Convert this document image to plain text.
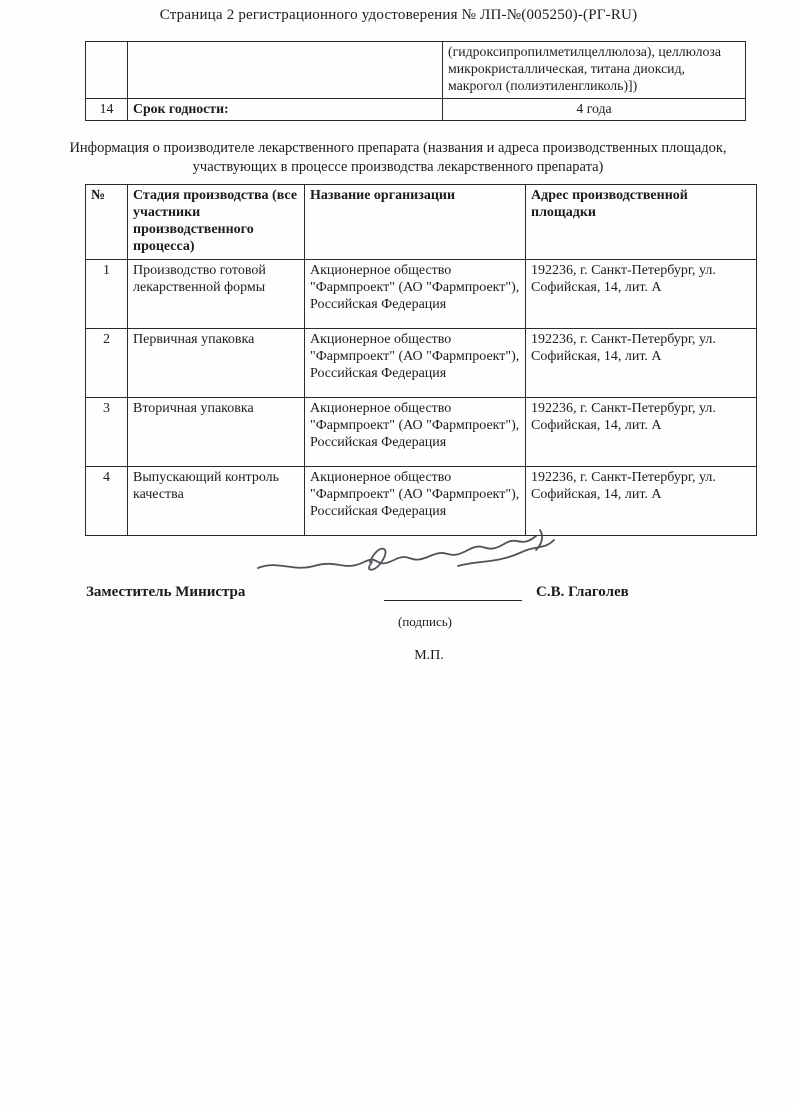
Страница 2 регистрационного удостоверения № ЛП-№(005250)-(РГ-RU)
		(гидроксипропилметилцеллюлоза), целлюлоза микрокристаллическая, титана диоксид, макрогол (полиэтиленгликоль)])
14	Срок годности:	4 года
Информация о производителе лекарственного препарата (названия и адреса производственных площадок, участвующих в процессе производства лекарственного препарата)
№	Стадия производства (все участники производственного процесса)	Название организации	Адрес производственной площадки
1	Производство готовой лекарственной формы	Акционерное общество "Фармпроект" (АО "Фармпроект"), Российская Федерация	192236, г. Санкт-Петербург, ул. Софийская, 14, лит. А
2	Первичная упаковка	Акционерное общество "Фармпроект" (АО "Фармпроект"), Российская Федерация	192236, г. Санкт-Петербург, ул. Софийская, 14, лит. А
3	Вторичная упаковка	Акционерное общество "Фармпроект" (АО "Фармпроект"), Российская Федерация	192236, г. Санкт-Петербург, ул. Софийская, 14, лит. А
4	Выпускающий контроль качества	Акционерное общество "Фармпроект" (АО "Фармпроект"), Российская Федерация	192236, г. Санкт-Петербург, ул. Софийская, 14, лит. А
Заместитель Министра	С.В. Глаголев
(подпись)
М.П.
